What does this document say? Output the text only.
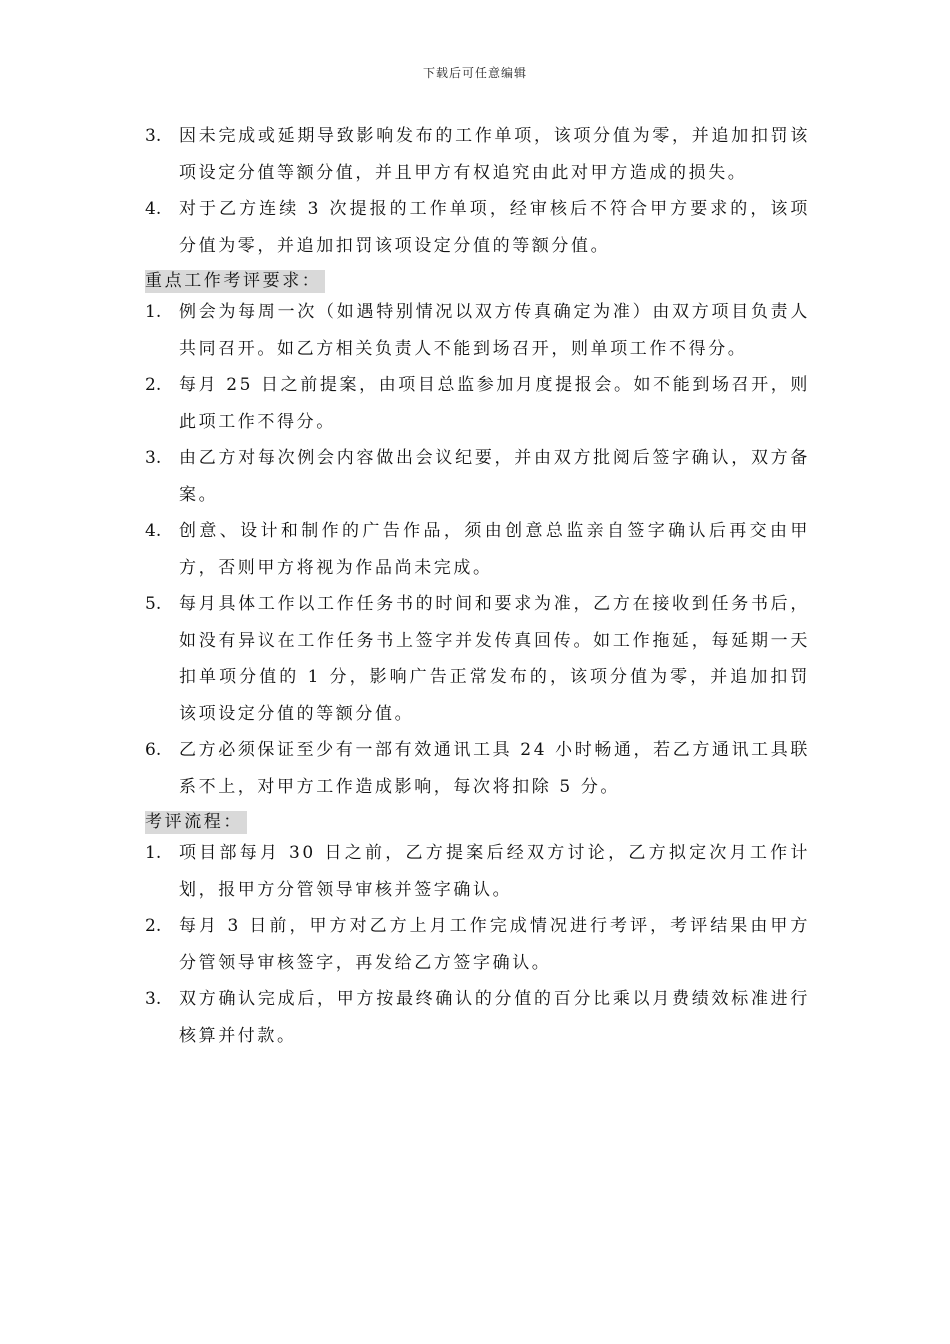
下载后可任意编辑
3. 因未完成或延期导致影响发布的工作单项，该项分值为零，并追加扣罚该项设定分值等额分值，并且甲方有权追究由此对甲方造成的损失。
4. 对于乙方连续 3 次提报的工作单项，经审核后不符合甲方要求的，该项分值为零，并追加扣罚该项设定分值的等额分值。
重点工作考评要求：
1. 例会为每周一次（如遇特别情况以双方传真确定为准）由双方项目负责人共同召开。如乙方相关负责人不能到场召开，则单项工作不得分。
2. 每月 25 日之前提案，由项目总监参加月度提报会。如不能到场召开，则此项工作不得分。
3. 由乙方对每次例会内容做出会议纪要，并由双方批阅后签字确认，双方备案。
4. 创意、设计和制作的广告作品，须由创意总监亲自签字确认后再交由甲方，否则甲方将视为作品尚未完成。
5. 每月具体工作以工作任务书的时间和要求为准，乙方在接收到任务书后，如没有异议在工作任务书上签字并发传真回传。如工作拖延，每延期一天扣单项分值的 1 分，影响广告正常发布的，该项分值为零，并追加扣罚该项设定分值的等额分值。
6. 乙方必须保证至少有一部有效通讯工具 24 小时畅通，若乙方通讯工具联系不上，对甲方工作造成影响，每次将扣除 5 分。
考评流程：
1. 项目部每月 30 日之前，乙方提案后经双方讨论，乙方拟定次月工作计划，报甲方分管领导审核并签字确认。
2. 每月 3 日前，甲方对乙方上月工作完成情况进行考评，考评结果由甲方分管领导审核签字，再发给乙方签字确认。
3. 双方确认完成后，甲方按最终确认的分值的百分比乘以月费绩效标准进行核算并付款。
